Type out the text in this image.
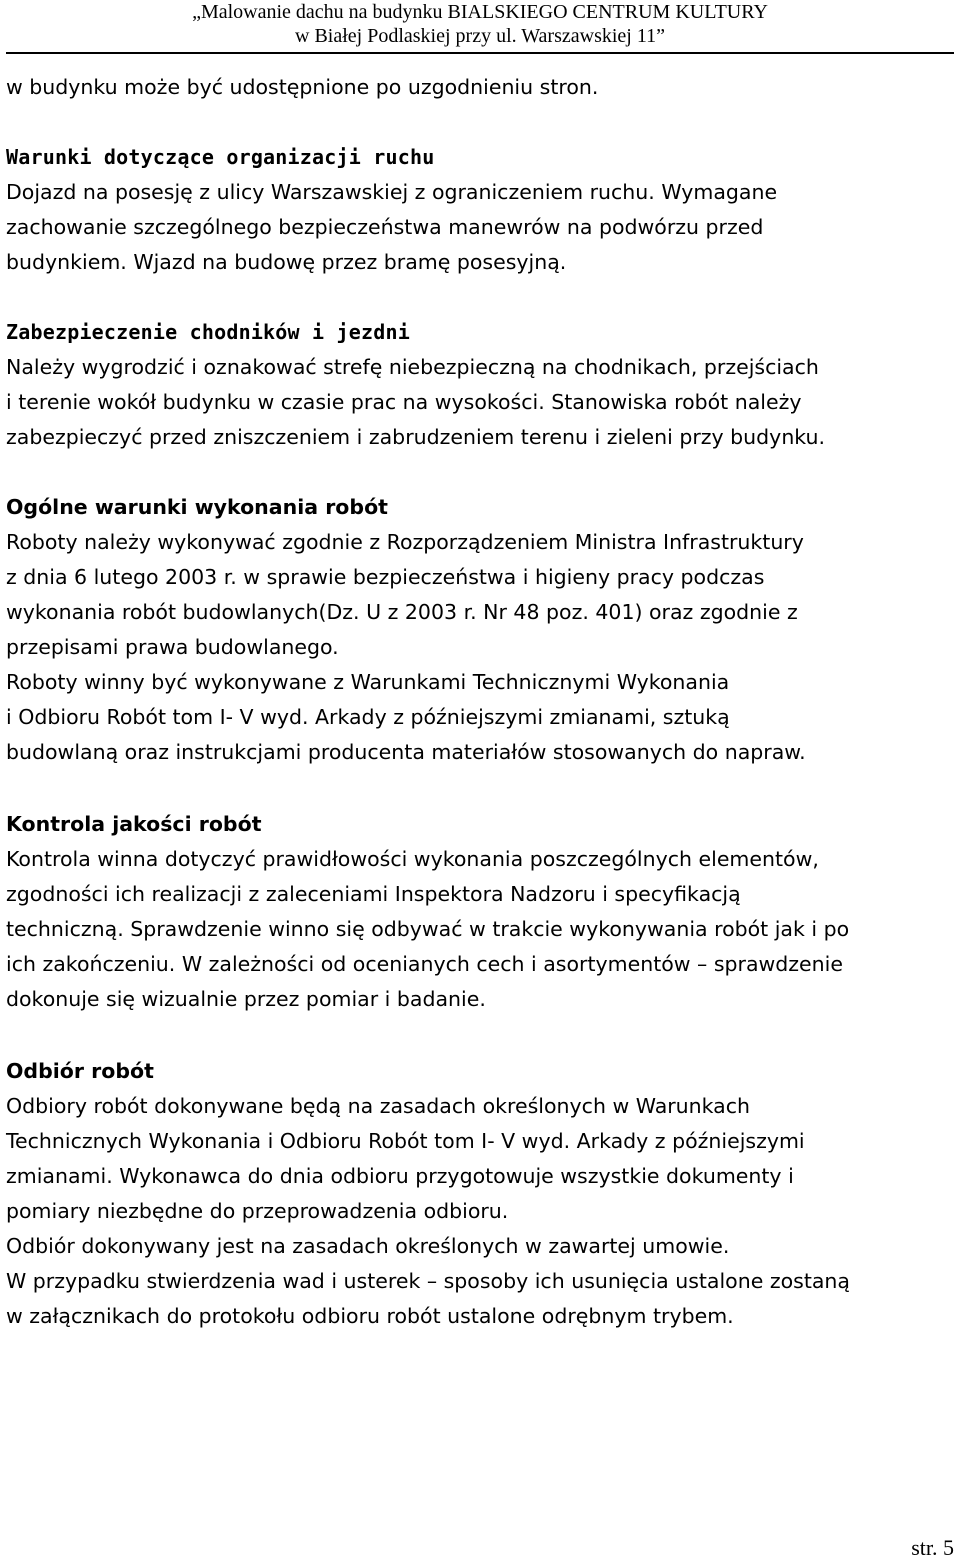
„Malowanie dachu na budynku BIALSKIEGO CENTRUM KULTURY
w Białej Podlaskiej przy ul. Warszawskiej 11”
w budynku może być udostępnione po uzgodnieniu stron.
Warunki dotyczące organizacji ruchu
Dojazd na posesję z ulicy Warszawskiej z ograniczeniem ruchu. Wymagane
zachowanie szczególnego bezpieczeństwa manewrów na podwórzu przed
budynkiem. Wjazd na budowę przez bramę posesyjną.
Zabezpieczenie chodników i jezdni
Należy wygrodzić i oznakować strefę niebezpieczną na chodnikach, przejściach
i terenie wokół budynku w czasie prac na wysokości. Stanowiska robót należy
zabezpieczyć przed zniszczeniem i zabrudzeniem terenu i zieleni przy budynku.
Ogólne warunki wykonania robót
Roboty należy wykonywać zgodnie z Rozporządzeniem Ministra Infrastruktury
z dnia 6 lutego 2003 r. w sprawie bezpieczeństwa i higieny pracy podczas
wykonania robót budowlanych(Dz. U z 2003 r. Nr 48 poz. 401) oraz zgodnie z
przepisami prawa budowlanego.
Roboty winny być wykonywane z Warunkami Technicznymi Wykonania
i Odbioru Robót tom I- V wyd. Arkady z późniejszymi zmianami, sztuką
budowlaną oraz instrukcjami producenta materiałów stosowanych do napraw.
Kontrola jakości robót
Kontrola winna dotyczyć prawidłowości wykonania poszczególnych elementów,
zgodności ich realizacji z zaleceniami Inspektora Nadzoru i specyfikacją
techniczną. Sprawdzenie winno się odbywać w trakcie wykonywania robót jak i po
ich zakończeniu. W zależności od ocenianych cech i asortymentów – sprawdzenie
dokonuje się wizualnie przez pomiar i badanie.
Odbiór robót
Odbiory robót dokonywane będą na zasadach określonych w Warunkach
Technicznych Wykonania i Odbioru Robót tom I- V wyd. Arkady z późniejszymi
zmianami. Wykonawca do dnia odbioru przygotowuje wszystkie dokumenty i
pomiary niezbędne do przeprowadzenia odbioru.
Odbiór dokonywany jest na zasadach określonych w zawartej umowie.
W przypadku stwierdzenia wad i usterek – sposoby ich usunięcia ustalone zostaną
w załącznikach do protokołu odbioru robót ustalone odrębnym trybem.
str. 5
